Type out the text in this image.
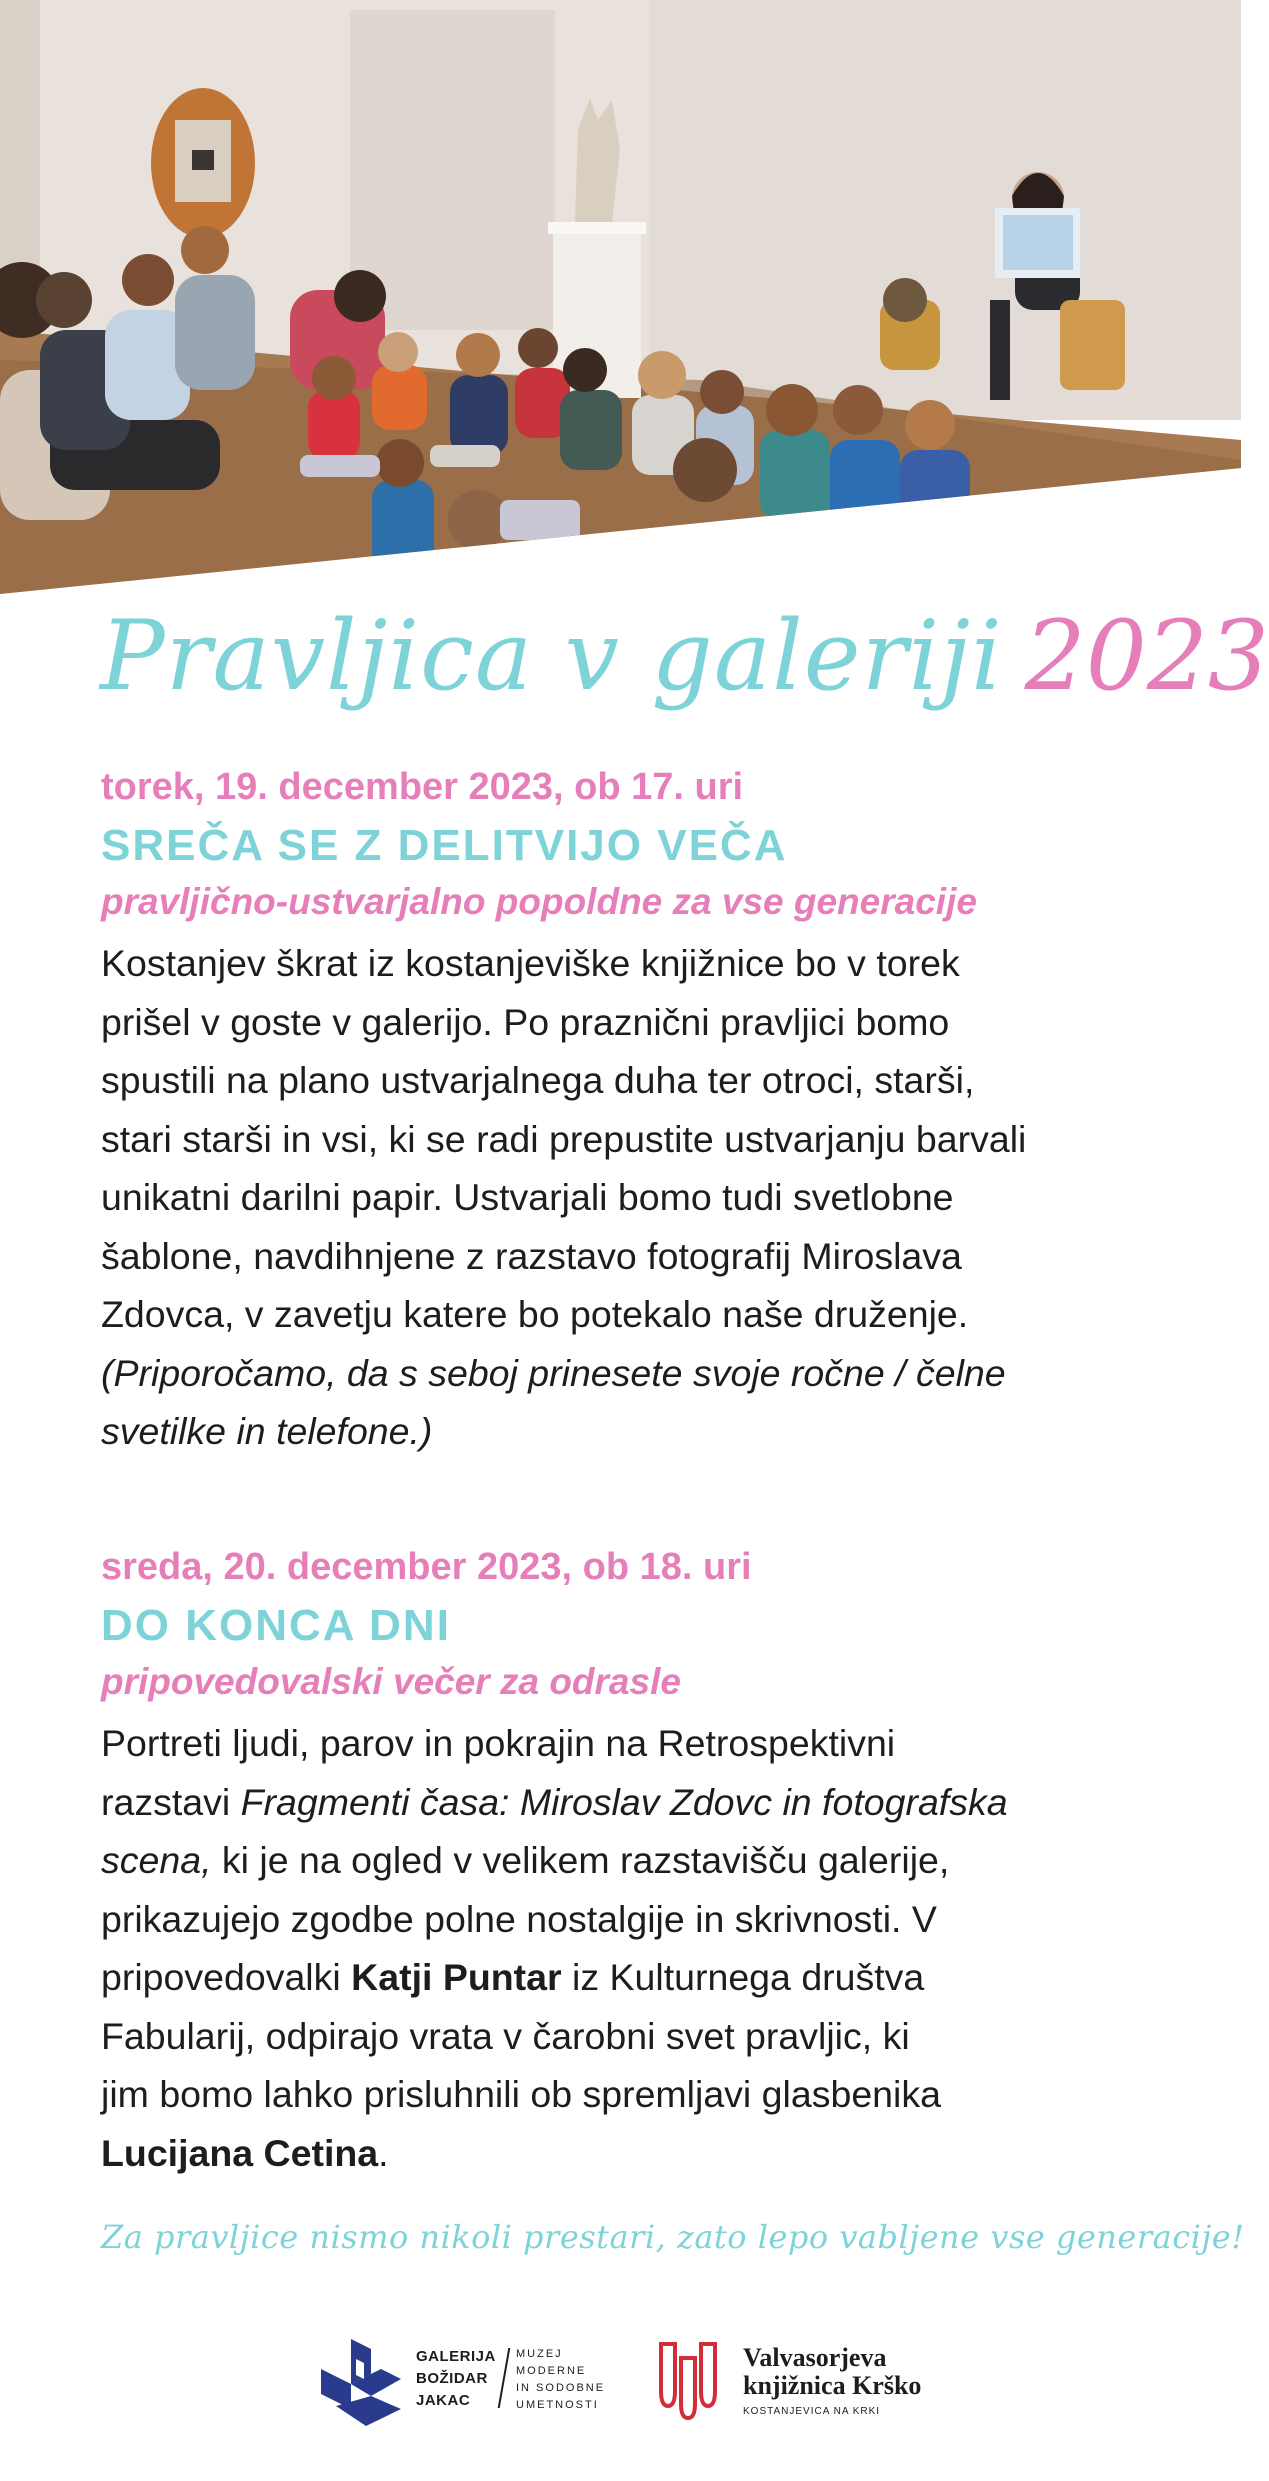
Pravljica v galeriji 2023
torek, 19. december 2023, ob 17. uri
SREČA SE Z DELITVIJO VEČA
pravljično-ustvarjalno popoldne za vse generacije
Kostanjev škrat iz kostanjeviške knjižnice bo v torek
prišel v goste v galerijo. Po praznični pravljici bomo
spustili na plano ustvarjalnega duha ter otroci, starši,
stari starši in vsi, ki se radi prepustite ustvarjanju barvali
unikatni darilni papir. Ustvarjali bomo tudi svetlobne
šablone, navdihnjene z razstavo fotografij Miroslava
Zdovca, v zavetju katere bo potekalo naše druženje.
(Priporočamo, da s seboj prinesete svoje ročne / čelne
svetilke in telefone.)
sreda, 20. december 2023, ob 18. uri
DO KONCA DNI
pripovedovalski večer za odrasle
Portreti ljudi, parov in pokrajin na Retrospektivni
razstavi Fragmenti časa: Miroslav Zdovc in fotografska
scena, ki je na ogled v velikem razstavišču galerije,
prikazujejo zgodbe polne nostalgije in skrivnosti. V
pripovedovalki Katji Puntar iz Kulturnega društva
Fabularij, odpirajo vrata v čarobni svet pravljic, ki
jim bomo lahko prisluhnili ob spremljavi glasbenika
Lucijana Cetina.
Za pravljice nismo nikoli prestari, zato lepo vabljene vse generacije!
GALERIJA
BOŽIDAR
JAKAC
MUZEJ
MODERNE
IN SODOBNE
UMETNOSTI
Valvasorjeva
knjižnica Krško
KOSTANJEVICA NA KRKI
